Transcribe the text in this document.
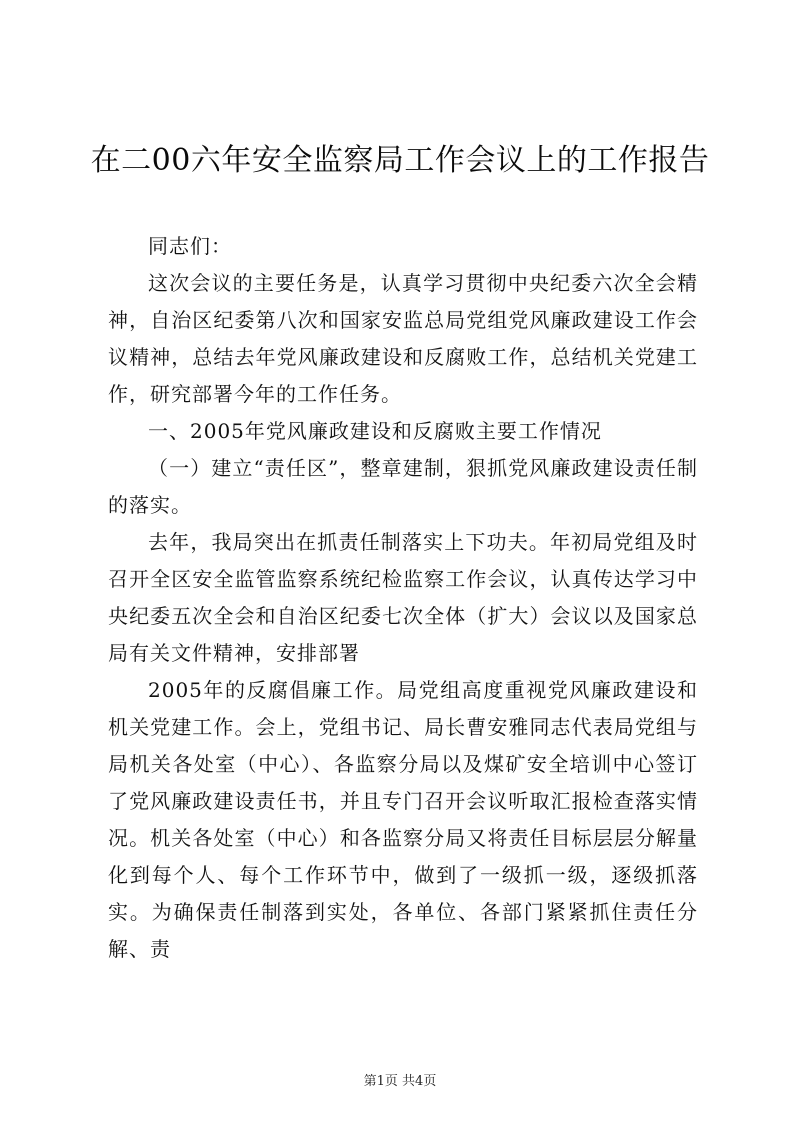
在二00六年安全监察局工作会议上的工作报告

同志们：

这次会议的主要任务是，认真学习贯彻中央纪委六次全会精神，自治区纪委第八次和国家安监总局党组党风廉政建设工作会议精神，总结去年党风廉政建设和反腐败工作，总结机关党建工作，研究部署今年的工作任务。

一、2005年党风廉政建设和反腐败主要工作情况

（一）建立“责任区”，整章建制，狠抓党风廉政建设责任制的落实。

去年，我局突出在抓责任制落实上下功夫。年初局党组及时召开全区安全监管监察系统纪检监察工作会议，认真传达学习中央纪委五次全会和自治区纪委七次全体（扩大）会议以及国家总局有关文件精神，安排部署

2005年的反腐倡廉工作。局党组高度重视党风廉政建设和机关党建工作。会上，党组书记、局长曹安雅同志代表局党组与局机关各处室（中心）、各监察分局以及煤矿安全培训中心签订了党风廉政建设责任书，并且专门召开会议听取汇报检查落实情况。机关各处室（中心）和各监察分局又将责任目标层层分解量化到每个人、每个工作环节中，做到了一级抓一级，逐级抓落实。为确保责任制落到实处，各单位、各部门紧紧抓住责任分解、责

第1页 共4页
